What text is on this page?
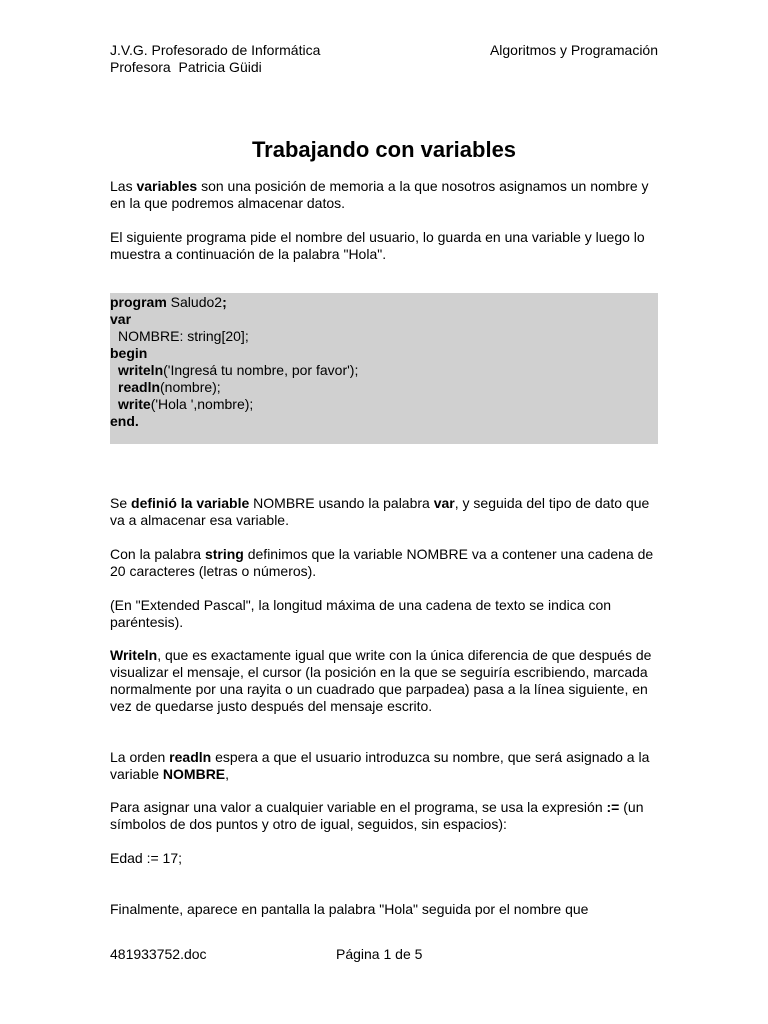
J.V.G. Profesorado de Informática	Algoritmos y Programación
Profesora  Patricia Güidi
Trabajando con variables

Las variables son una posición de memoria a la que nosotros asignamos un nombre y en la que podremos almacenar datos.

El siguiente programa pide el nombre del usuario, lo guarda en una variable y luego lo muestra a continuación de la palabra "Hola".

program Saludo2;
var
NOMBRE: string[20];
begin
writeln('Ingresá tu nombre, por favor');
readln(nombre);
write('Hola ',nombre);
end.

Se definió la variable NOMBRE usando la palabra var, y seguida del tipo de dato que va a almacenar esa variable.

Con la palabra string definimos que la variable NOMBRE va a contener una cadena de 20 caracteres (letras o números).

(En "Extended Pascal", la longitud máxima de una cadena de texto se indica con paréntesis).

Writeln, que es exactamente igual que write con la única diferencia de que después de visualizar el mensaje, el cursor (la posición en la que se seguiría escribiendo, marcada normalmente por una rayita o un cuadrado que parpadea) pasa a la línea siguiente, en vez de quedarse justo después del mensaje escrito.

La orden readln espera a que el usuario introduzca su nombre, que será asignado a la variable NOMBRE,

Para asignar una valor a cualquier variable en el programa, se usa la expresión := (un símbolos de dos puntos y otro de igual, seguidos, sin espacios):

Edad := 17;

Finalmente, aparece en pantalla la palabra "Hola" seguida por el nombre que

481933752.doc	Página 1 de 5
